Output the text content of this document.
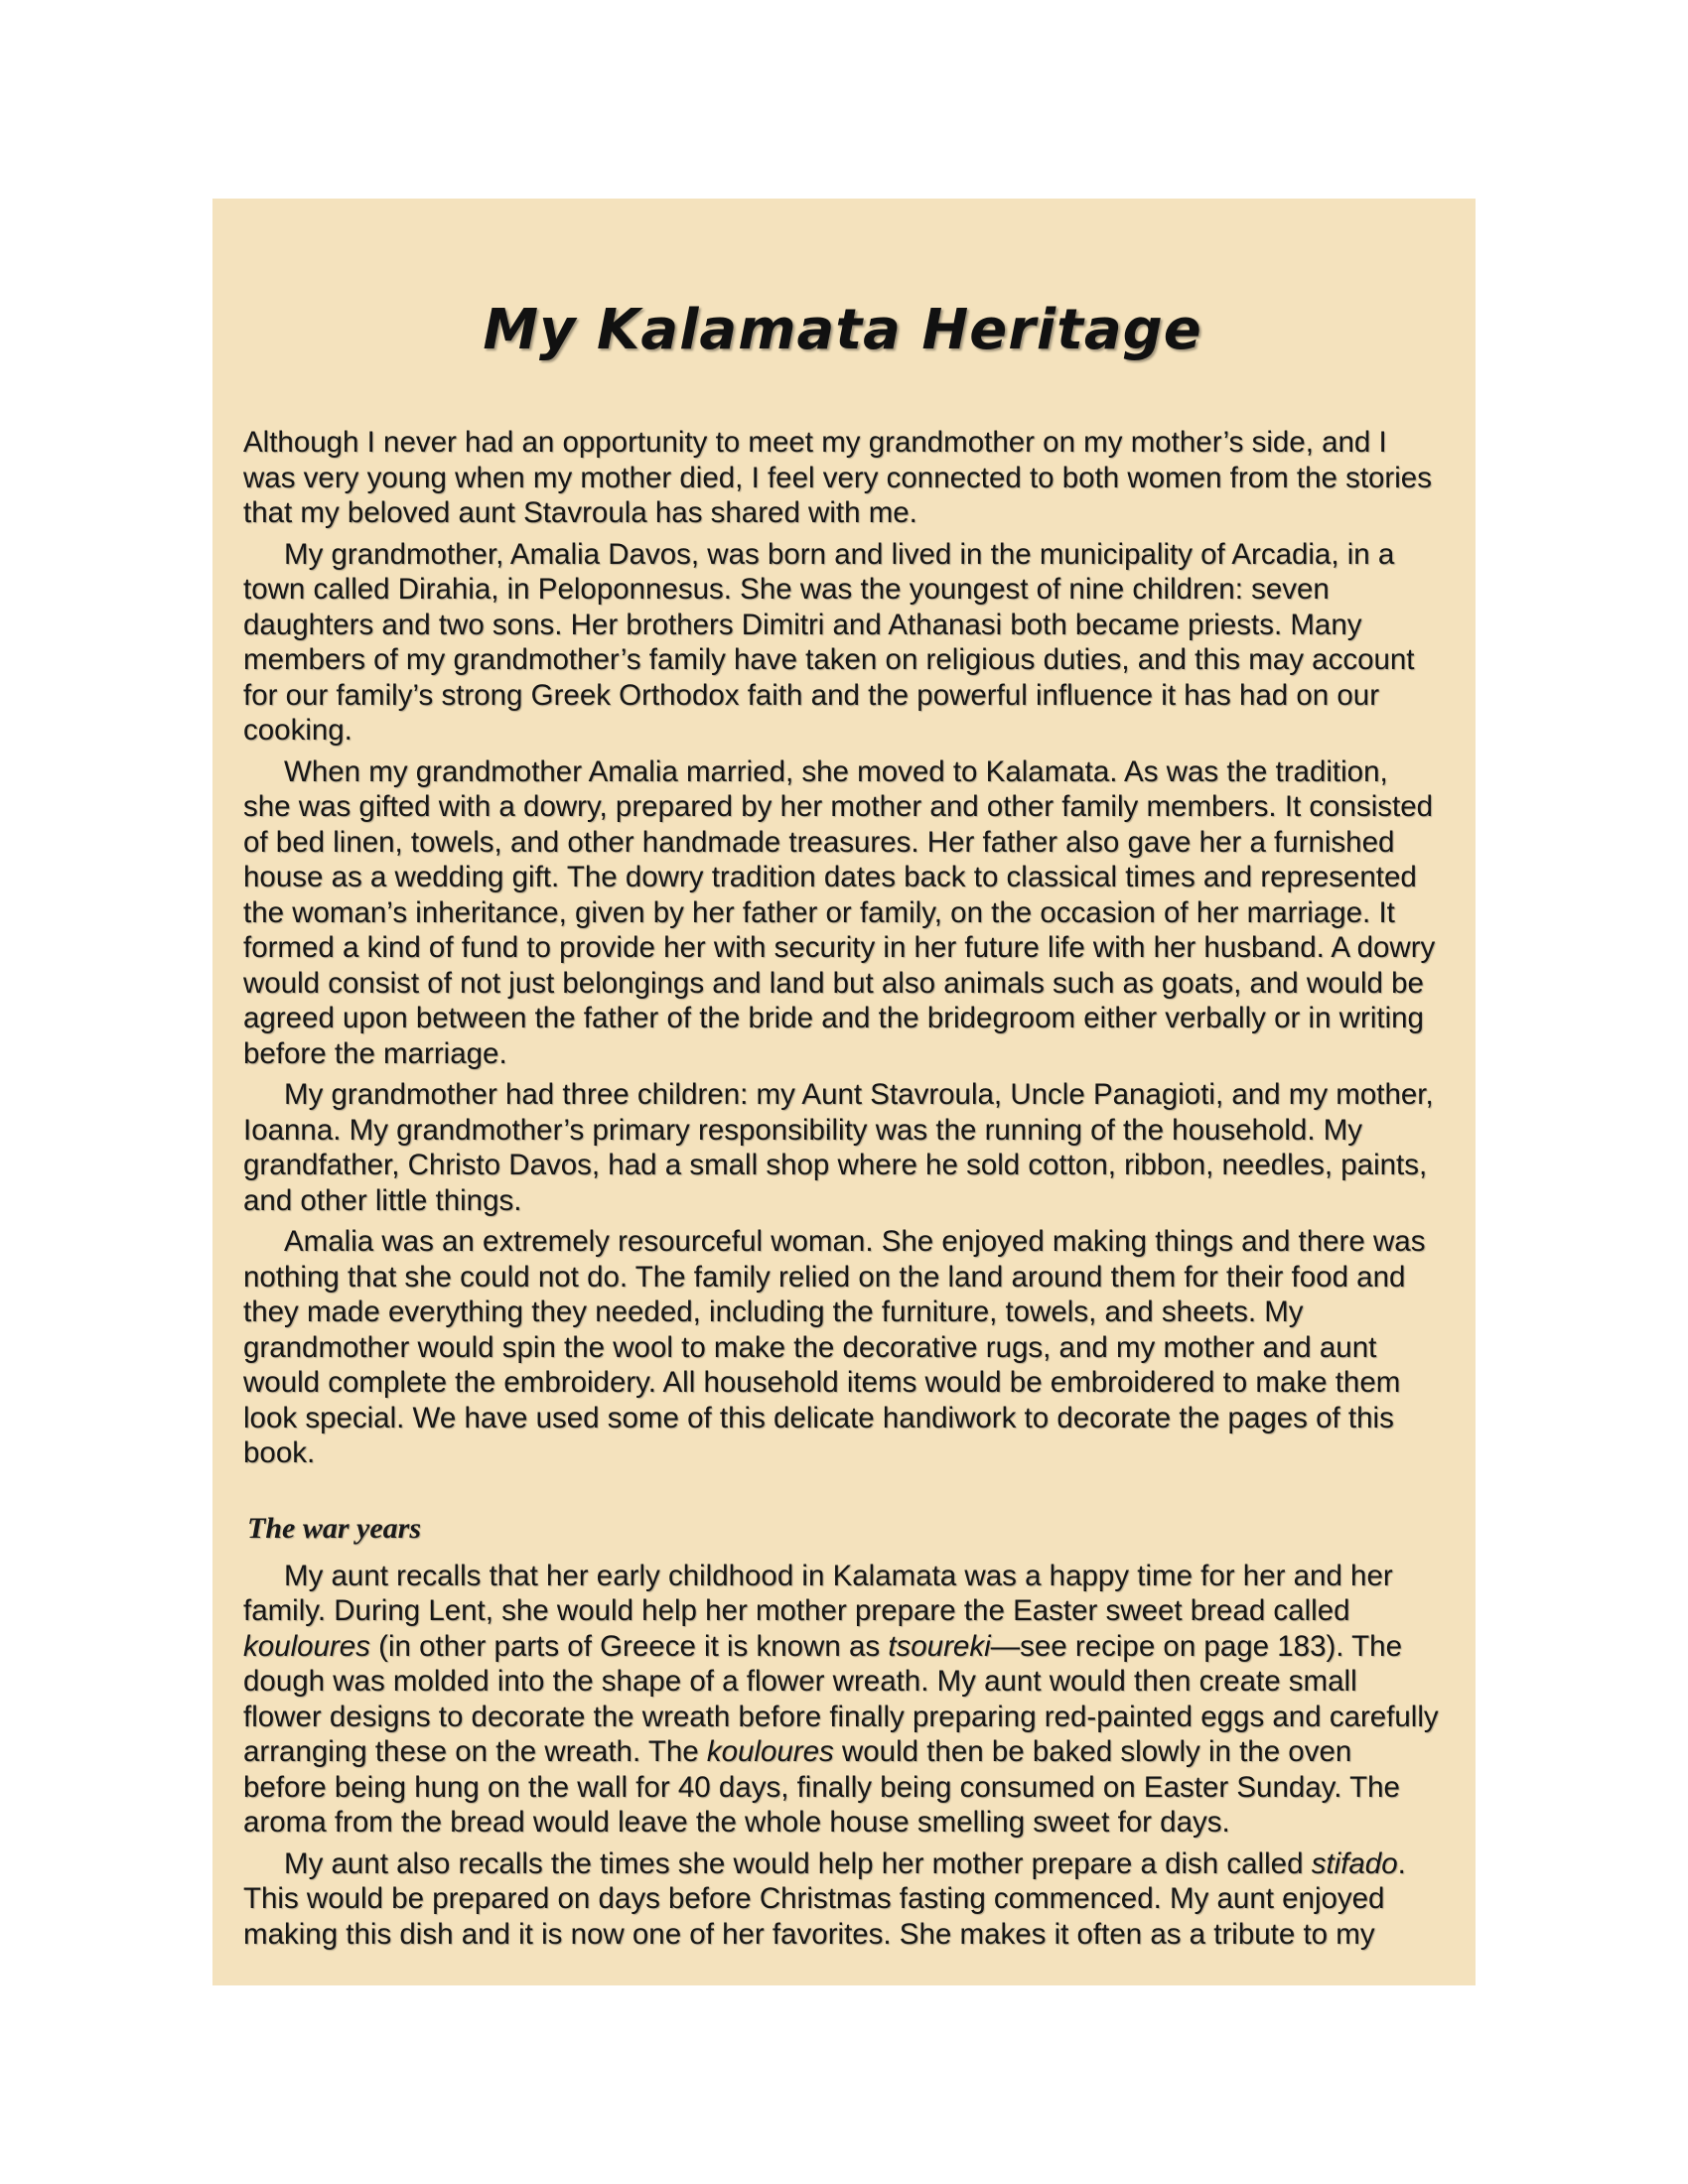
My Kalamata Heritage

Although I never had an opportunity to meet my grandmother on my mother’s side, and I was very young when my mother died, I feel very connected to both women from the stories that my beloved aunt Stavroula has shared with me.

My grandmother, Amalia Davos, was born and lived in the municipality of Arcadia, in a town called Dirahia, in Peloponnesus. She was the youngest of nine children: seven daughters and two sons. Her brothers Dimitri and Athanasi both became priests. Many members of my grandmother’s family have taken on religious duties, and this may account for our family’s strong Greek Orthodox faith and the powerful influence it has had on our cooking.

When my grandmother Amalia married, she moved to Kalamata. As was the tradition, she was gifted with a dowry, prepared by her mother and other family members. It consisted of bed linen, towels, and other handmade treasures. Her father also gave her a furnished house as a wedding gift. The dowry tradition dates back to classical times and represented the woman’s inheritance, given by her father or family, on the occasion of her marriage. It formed a kind of fund to provide her with security in her future life with her husband. A dowry would consist of not just belongings and land but also animals such as goats, and would be agreed upon between the father of the bride and the bridegroom either verbally or in writing before the marriage.

My grandmother had three children: my Aunt Stavroula, Uncle Panagioti, and my mother, Ioanna. My grandmother’s primary responsibility was the running of the household. My grandfather, Christo Davos, had a small shop where he sold cotton, ribbon, needles, paints, and other little things.

Amalia was an extremely resourceful woman. She enjoyed making things and there was nothing that she could not do. The family relied on the land around them for their food and they made everything they needed, including the furniture, towels, and sheets. My grandmother would spin the wool to make the decorative rugs, and my mother and aunt would complete the embroidery. All household items would be embroidered to make them look special. We have used some of this delicate handiwork to decorate the pages of this book.

The war years

My aunt recalls that her early childhood in Kalamata was a happy time for her and her family. During Lent, she would help her mother prepare the Easter sweet bread called kouloures (in other parts of Greece it is known as tsoureki—see recipe on page 183). The dough was molded into the shape of a flower wreath. My aunt would then create small flower designs to decorate the wreath before finally preparing red-painted eggs and carefully arranging these on the wreath. The kouloures would then be baked slowly in the oven before being hung on the wall for 40 days, finally being consumed on Easter Sunday. The aroma from the bread would leave the whole house smelling sweet for days.

My aunt also recalls the times she would help her mother prepare a dish called stifado. This would be prepared on days before Christmas fasting commenced. My aunt enjoyed making this dish and it is now one of her favorites. She makes it often as a tribute to my
